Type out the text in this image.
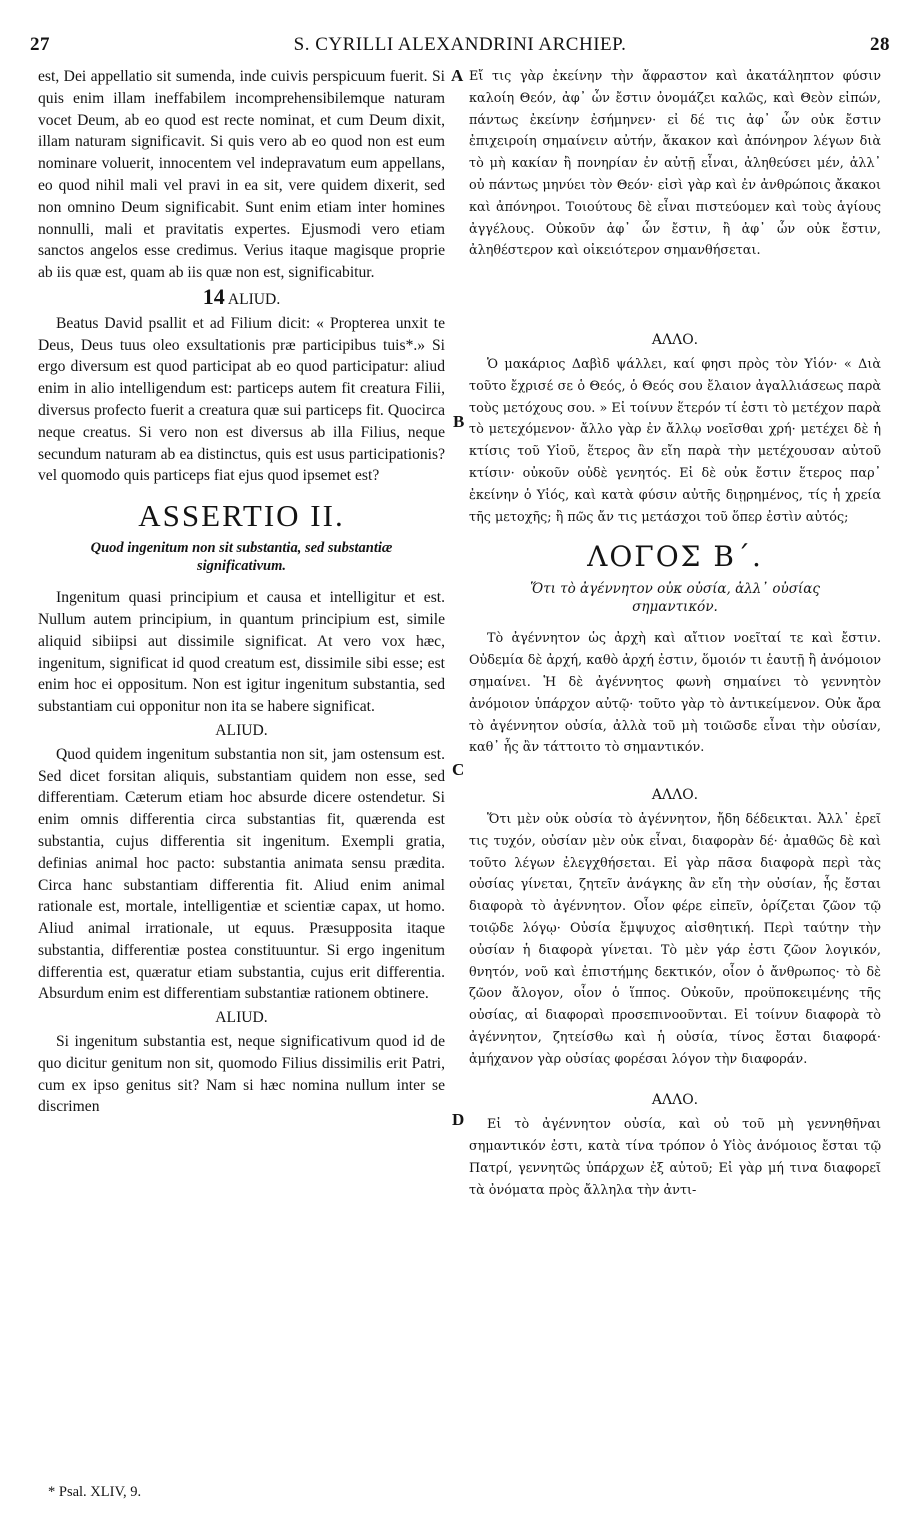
27	S. CYRILLI ALEXANDRINI ARCHIEP.	28

est, Dei appellatio sit sumenda, inde cuivis perspicuum fuerit. Si quis enim illam ineffabilem incomprehensibilemque naturam vocet Deum, ab eo quod est recte nominat, et cum Deum dixit, illam naturam significavit. Si quis vero ab eo quod non est eum nominare voluerit, innocentem vel indepravatum eum appellans, eo quod nihil mali vel pravi in ea sit, vere quidem dixerit, sed non omnino Deum significabit. Sunt enim etiam inter homines nonnulli, mali et pravitatis expertes. Ejusmodi vero etiam sanctos angelos esse credimus. Verius itaque magisque proprie ab iis quæ est, quam ab iis quæ non est, significabitur.

14 ALIUD.

Beatus David psallit et ad Filium dicit: « Propterea unxit te Deus, Deus tuus oleo exsultationis præ participibus tuis*.» Si ergo diversum est quod participat ab eo quod participatur: aliud enim in alio intelligendum est: particeps autem fit creatura Filii, diversus profecto fuerit a creatura quæ sui particeps fit. Quocirca neque creatus. Si vero non est diversus ab illa Filius, neque secundum naturam ab ea distinctus, quis est usus participationis? vel quomodo quis particeps fiat ejus quod ipsemet est?

ASSERTIO II.
Quod ingenitum non sit substantia, sed substantiæ significativum.

Ingenitum quasi principium et causa et intelligitur et est. Nullum autem principium, in quantum principium est, simile aliquid sibiipsi aut dissimile significat. At vero vox hæc, ingenitum, significat id quod creatum est, dissimile sibi esse; est enim hoc ei oppositum. Non est igitur ingenitum substantia, sed substantiam cui opponitur non ita se habere significat.

ALIUD.

Quod quidem ingenitum substantia non sit, jam ostensum est. Sed dicet forsitan aliquis, substantiam quidem non esse, sed differentiam. Cæterum etiam hoc absurde dicere ostendetur. Si enim omnis differentia circa substantias fit, quærenda est substantia, cujus differentia sit ingenitum. Exempli gratia, definias animal hoc pacto: substantia animata sensu prædita. Circa hanc substantiam differentia fit. Aliud enim animal rationale est, mortale, intelligentiæ et scientiæ capax, ut homo. Aliud animal irrationale, ut equus. Præsupposita itaque substantia, differentiæ postea constituuntur. Si ergo ingenitum differentia est, quæratur etiam substantia, cujus erit differentia. Absurdum enim est differentiam substantiæ rationem obtinere.

ALIUD.

Si ingenitum substantia est, neque significativum quod id de quo dicitur genitum non sit, quomodo Filius dissimilis erit Patri, cum ex ipso genitus sit? Nam si hæc nomina nullum inter se discrimen

Εἴ τις γὰρ ἐκείνην τὴν ἄφραστον καὶ ἀκατάληπτον φύσιν καλοίη Θεόν, ἀφ᾽ ὧν ἔστιν ὀνομάζει καλῶς, καὶ Θεὸν εἰπών, πάντως ἐκείνην ἐσήμηνεν· εἰ δέ τις ἀφ᾽ ὧν οὐκ ἔστιν ἐπιχειροίη σημαίνειν αὐτήν, ἄκακον καὶ ἀπόνηρον λέγων διὰ τὸ μὴ κακίαν ἢ πονηρίαν ἐν αὐτῇ εἶναι, ἀληθεύσει μέν, ἀλλ᾽ οὐ πάντως μηνύει τὸν Θεόν· εἰσὶ γὰρ καὶ ἐν ἀνθρώποις ἄκακοι καὶ ἀπόνηροι. Τοιούτους δὲ εἶναι πιστεύομεν καὶ τοὺς ἁγίους ἀγγέλους. Οὐκοῦν ἀφ᾽ ὧν ἔστιν, ἢ ἀφ᾽ ὧν οὐκ ἔστιν, ἀληθέστερον καὶ οἰκειότερον σημανθήσεται.

ΑΛΛΟ.

Ὁ μακάριος Δαβὶδ ψάλλει, καί φησι πρὸς τὸν Υἱόν· « Διὰ τοῦτο ἔχρισέ σε ὁ Θεός, ὁ Θεός σου ἔλαιον ἀγαλλιάσεως παρὰ τοὺς μετόχους σου. » Εἰ τοίνυν ἕτερόν τί ἐστι τὸ μετέχον παρὰ τὸ μετεχόμενον· ἄλλο γὰρ ἐν ἄλλῳ νοεῖσθαι χρή· μετέχει δὲ ἡ κτίσις τοῦ Υἱοῦ, ἕτερος ἂν εἴη παρὰ τὴν μετέχουσαν αὐτοῦ κτίσιν· οὐκοῦν οὐδὲ γενητός. Εἰ δὲ οὐκ ἔστιν ἕτερος παρ᾽ ἐκείνην ὁ Υἱός, καὶ κατὰ φύσιν αὐτῆς διῃρημένος, τίς ἡ χρεία τῆς μετοχῆς; ἢ πῶς ἄν τις μετάσχοι τοῦ ὅπερ ἐστὶν αὐτός;

ΛΟΓΟΣ Β´.
Ὅτι τὸ ἀγέννητον οὐκ οὐσία, ἀλλ᾽ οὐσίας σημαντικόν.

Τὸ ἀγέννητον ὡς ἀρχὴ καὶ αἴτιον νοεῖταί τε καὶ ἔστιν. Οὐδεμία δὲ ἀρχή, καθὸ ἀρχή ἐστιν, ὅμοιόν τι ἑαυτῇ ἢ ἀνόμοιον σημαίνει. Ἡ δὲ ἀγέννητος φωνὴ σημαίνει τὸ γεννητὸν ἀνόμοιον ὑπάρχον αὐτῷ· τοῦτο γὰρ τὸ ἀντικείμενον. Οὐκ ἄρα τὸ ἀγέννητον οὐσία, ἀλλὰ τοῦ μὴ τοιῶσδε εἶναι τὴν οὐσίαν, καθ᾽ ἧς ἂν τάττοιτο τὸ σημαντικόν.

ΑΛΛΟ.

Ὅτι μὲν οὐκ οὐσία τὸ ἀγέννητον, ἤδη δέδεικται. Ἀλλ᾽ ἐρεῖ τις τυχόν, οὐσίαν μὲν οὐκ εἶναι, διαφορὰν δέ· ἀμαθῶς δὲ καὶ τοῦτο λέγων ἐλεγχθήσεται. Εἰ γὰρ πᾶσα διαφορὰ περὶ τὰς οὐσίας γίνεται, ζητεῖν ἀνάγκης ἂν εἴη τὴν οὐσίαν, ἧς ἔσται διαφορὰ τὸ ἀγέννητον. Οἷον φέρε εἰπεῖν, ὁρίζεται ζῶον τῷ τοιῷδε λόγῳ· Οὐσία ἔμψυχος αἰσθητική. Περὶ ταύτην τὴν οὐσίαν ἡ διαφορὰ γίνεται. Τὸ μὲν γάρ ἐστι ζῶον λογικόν, θνητόν, νοῦ καὶ ἐπιστήμης δεκτικόν, οἷον ὁ ἄνθρωπος· τὸ δὲ ζῶον ἄλογον, οἷον ὁ ἵππος. Οὐκοῦν, προϋποκειμένης τῆς οὐσίας, αἱ διαφοραὶ προσεπινοοῦνται. Εἰ τοίνυν διαφορὰ τὸ ἀγέννητον, ζητείσθω καὶ ἡ οὐσία, τίνος ἔσται διαφορά· ἀμήχανον γὰρ οὐσίας φορέσαι λόγον τὴν διαφοράν.

ΑΛΛΟ.

Εἰ τὸ ἀγέννητον οὐσία, καὶ οὐ τοῦ μὴ γεννηθῆναι σημαντικόν ἐστι, κατὰ τίνα τρόπον ὁ Υἱὸς ἀνόμοιος ἔσται τῷ Πατρί, γεννητῶς ὑπάρχων ἐξ αὐτοῦ; Εἰ γὰρ μή τινα διαφορεῖ τὰ ὀνόματα πρὸς ἄλληλα τὴν ἀντι-

A
B
C
D
* Psal. XLIV, 9.
